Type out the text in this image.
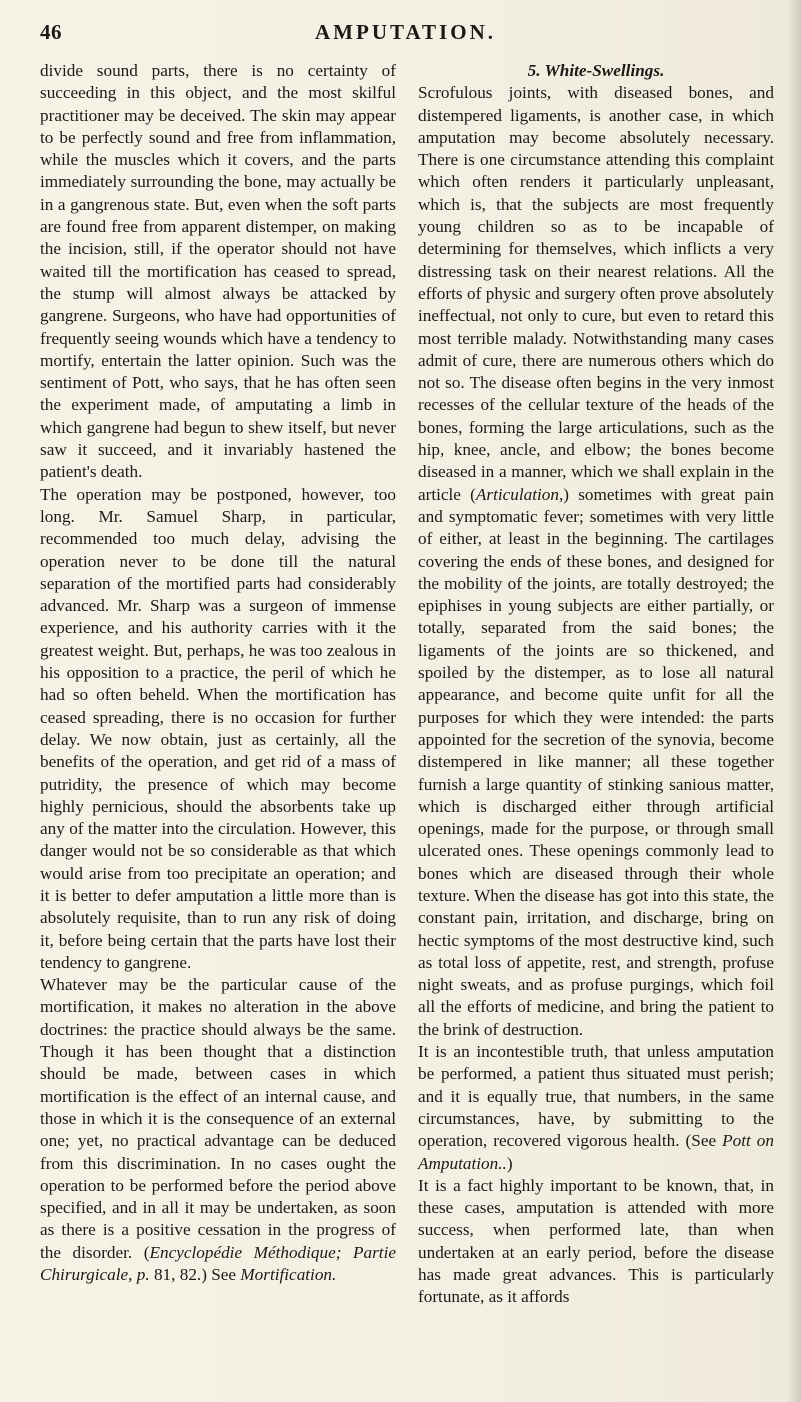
46	AMPUTATION.

divide sound parts, there is no certainty of succeeding in this object, and the most skilful practitioner may be deceived. The skin may appear to be perfectly sound and free from inflammation, while the muscles which it covers, and the parts immediately surrounding the bone, may actually be in a gangrenous state. But, even when the soft parts are found free from apparent distemper, on making the incision, still, if the operator should not have waited till the mortification has ceased to spread, the stump will almost always be attacked by gangrene. Surgeons, who have had opportunities of frequently seeing wounds which have a tendency to mortify, entertain the latter opinion. Such was the sentiment of Pott, who says, that he has often seen the experiment made, of amputating a limb in which gangrene had begun to shew itself, but never saw it succeed, and it invariably hastened the patient's death.

The operation may be postponed, however, too long. Mr. Samuel Sharp, in particular, recommended too much delay, advising the operation never to be done till the natural separation of the mortified parts had considerably advanced. Mr. Sharp was a surgeon of immense experience, and his authority carries with it the greatest weight. But, perhaps, he was too zealous in his opposition to a practice, the peril of which he had so often beheld. When the mortification has ceased spreading, there is no occasion for further delay. We now obtain, just as certainly, all the benefits of the operation, and get rid of a mass of putridity, the presence of which may become highly pernicious, should the absorbents take up any of the matter into the circulation. However, this danger would not be so considerable as that which would arise from too precipitate an operation; and it is better to defer amputation a little more than is absolutely requisite, than to run any risk of doing it, before being certain that the parts have lost their tendency to gangrene.

Whatever may be the particular cause of the mortification, it makes no alteration in the above doctrines: the practice should always be the same. Though it has been thought that a distinction should be made, between cases in which mortification is the effect of an internal cause, and those in which it is the consequence of an external one; yet, no practical advantage can be deduced from this discrimination. In no cases ought the operation to be performed before the period above specified, and in all it may be undertaken, as soon as there is a positive cessation in the progress of the disorder. (Encyclopédie Méthodique; Partie Chirurgicale, p. 81, 82.) See Mortification.

5. White-Swellings.

Scrofulous joints, with diseased bones, and distempered ligaments, is another case, in which amputation may become absolutely necessary. There is one circumstance attending this complaint which often renders it particularly unpleasant, which is, that the subjects are most frequently young children so as to be incapable of determining for themselves, which inflicts a very distressing task on their nearest relations. All the efforts of physic and surgery often prove absolutely ineffectual, not only to cure, but even to retard this most terrible malady. Notwithstanding many cases admit of cure, there are numerous others which do not so. The disease often begins in the very inmost recesses of the cellular texture of the heads of the bones, forming the large articulations, such as the hip, knee, ancle, and elbow; the bones become diseased in a manner, which we shall explain in the article (Articulation,) sometimes with great pain and symptomatic fever; sometimes with very little of either, at least in the beginning. The cartilages covering the ends of these bones, and designed for the mobility of the joints, are totally destroyed; the epiphises in young subjects are either partially, or totally, separated from the said bones; the ligaments of the joints are so thickened, and spoiled by the distemper, as to lose all natural appearance, and become quite unfit for all the purposes for which they were intended: the parts appointed for the secretion of the synovia, become distempered in like manner; all these together furnish a large quantity of stinking sanious matter, which is discharged either through artificial openings, made for the purpose, or through small ulcerated ones. These openings commonly lead to bones which are diseased through their whole texture. When the disease has got into this state, the constant pain, irritation, and discharge, bring on hectic symptoms of the most destructive kind, such as total loss of appetite, rest, and strength, profuse night sweats, and as profuse purgings, which foil all the efforts of medicine, and bring the patient to the brink of destruction.

It is an incontestible truth, that unless amputation be performed, a patient thus situated must perish; and it is equally true, that numbers, in the same circumstances, have, by submitting to the operation, recovered vigorous health. (See Pott on Amputation..)

It is a fact highly important to be known, that, in these cases, amputation is attended with more success, when performed late, than when undertaken at an early period, before the disease has made great advances. This is particularly fortunate, as it affords
